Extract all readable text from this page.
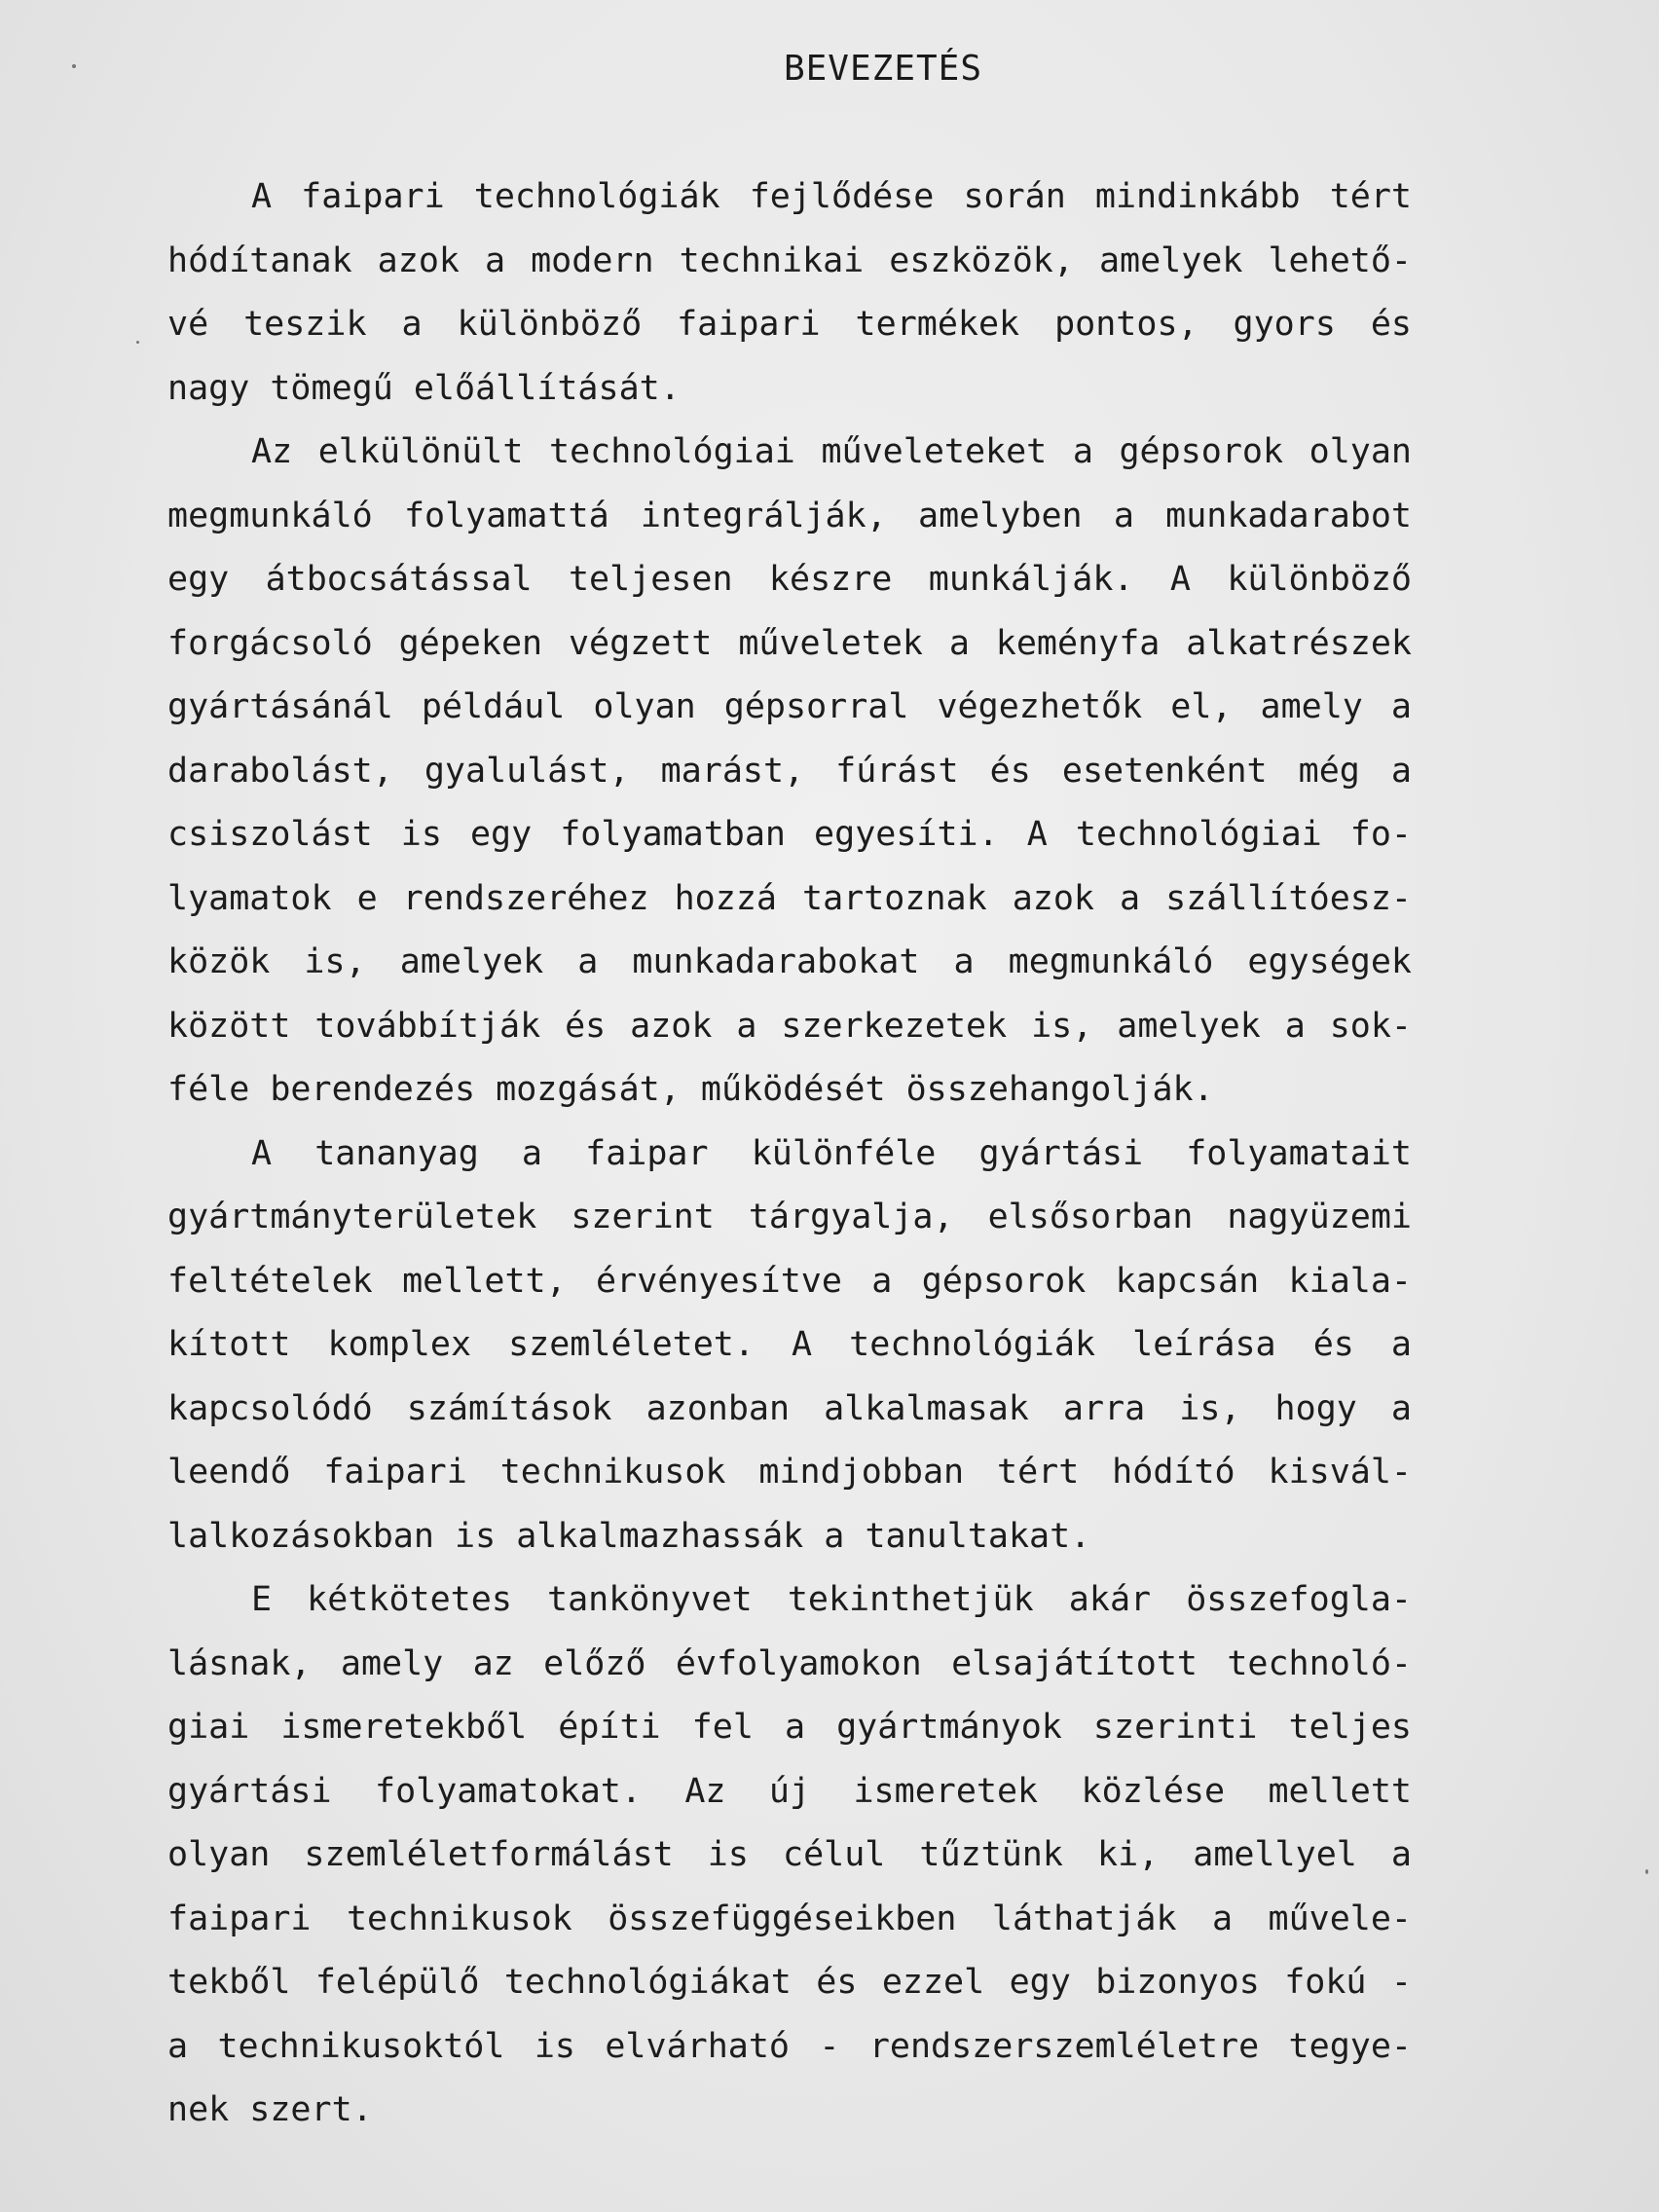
BEVEZETÉS
A faipari technológiák fejlődése során mindinkább tért
hódítanak azok a modern technikai eszközök, amelyek lehető-
vé teszik a különböző faipari termékek pontos, gyors és
nagy tömegű előállítását.
Az elkülönült technológiai műveleteket a gépsorok olyan
megmunkáló folyamattá integrálják, amelyben a munkadarabot
egy átbocsátással teljesen készre munkálják. A különböző
forgácsoló gépeken végzett műveletek a keményfa alkatrészek
gyártásánál például olyan gépsorral végezhetők el, amely a
darabolást, gyalulást, marást, fúrást és esetenként még a
csiszolást is egy folyamatban egyesíti. A technológiai fo-
lyamatok e rendszeréhez hozzá tartoznak azok a szállítóesz-
közök is, amelyek a munkadarabokat a megmunkáló egységek
között továbbítják és azok a szerkezetek is, amelyek a sok-
féle berendezés mozgását, működését összehangolják.
A tananyag a faipar különféle gyártási folyamatait
gyártmányterületek szerint tárgyalja, elsősorban nagyüzemi
feltételek mellett, érvényesítve a gépsorok kapcsán kiala-
kított komplex szemléletet. A technológiák leírása és a
kapcsolódó számítások azonban alkalmasak arra is, hogy a
leendő faipari technikusok mindjobban tért hódító kisvál-
lalkozásokban is alkalmazhassák a tanultakat.
E kétkötetes tankönyvet tekinthetjük akár összefogla-
lásnak, amely az előző évfolyamokon elsajátított technoló-
giai ismeretekből építi fel a gyártmányok szerinti teljes
gyártási folyamatokat. Az új ismeretek közlése mellett
olyan szemléletformálást is célul tűztünk ki, amellyel a
faipari technikusok összefüggéseikben láthatják a művele-
tekből felépülő technológiákat és ezzel egy bizonyos fokú -
a technikusoktól is elvárható - rendszerszemléletre tegye-
nek szert.
